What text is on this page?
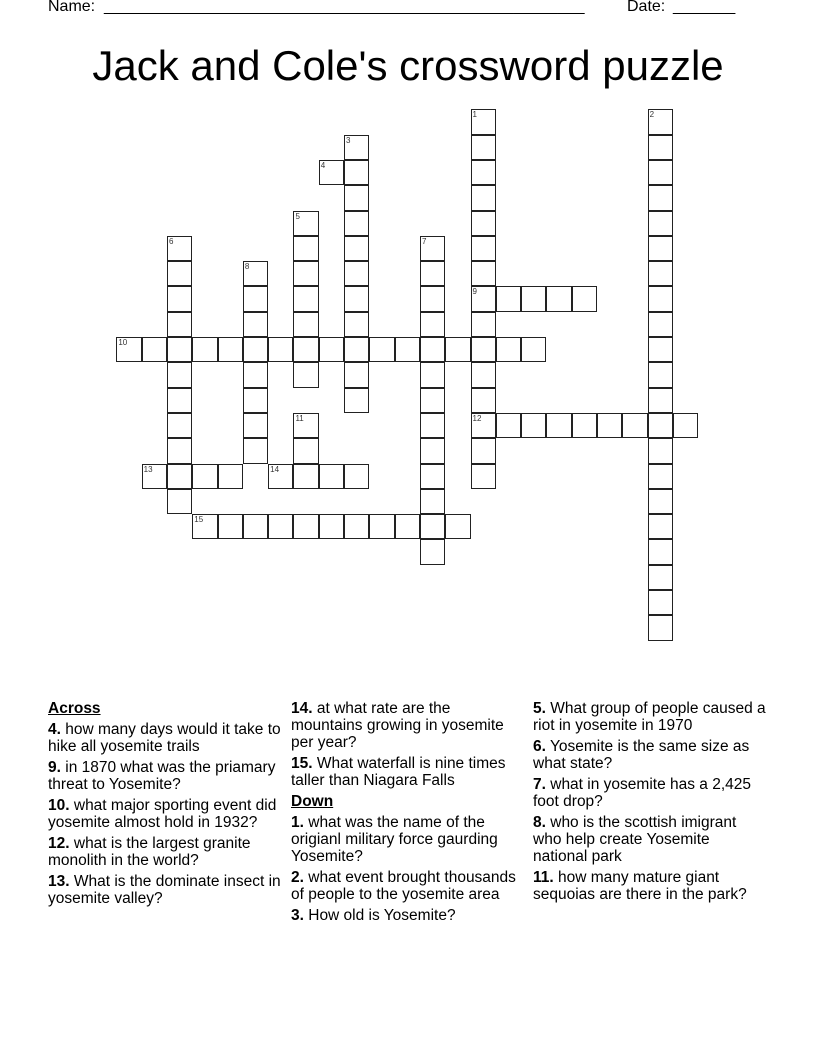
Name: ______________________________________________________	Date: _______
Jack and Cole's crossword puzzle
1
9
12
2
3
4
5
6	7
8
10
11
13	14
15
Across
4. how many days would it take to hike all yosemite trails
9. in 1870 what was the priamary threat to Yosemite?
10. what major sporting event did yosemite almost hold in 1932?
12. what is the largest granite monolith in the world?
13. What is the dominate insect in yosemite valley?
14. at what rate are the mountains growing in yosemite per year?
15. What waterfall is nine times taller than Niagara Falls
Down
1. what was the name of the origianl military force gaurding Yosemite?
2. what event brought thousands of people to the yosemite area
3. How old is Yosemite?
5. What group of people caused a riot in yosemite in 1970
6. Yosemite is the same size as what state?
7. what in yosemite has a 2,425 foot drop?
8. who is the scottish imigrant who help create Yosemite national park
11. how many mature giant sequoias are there in the park?
